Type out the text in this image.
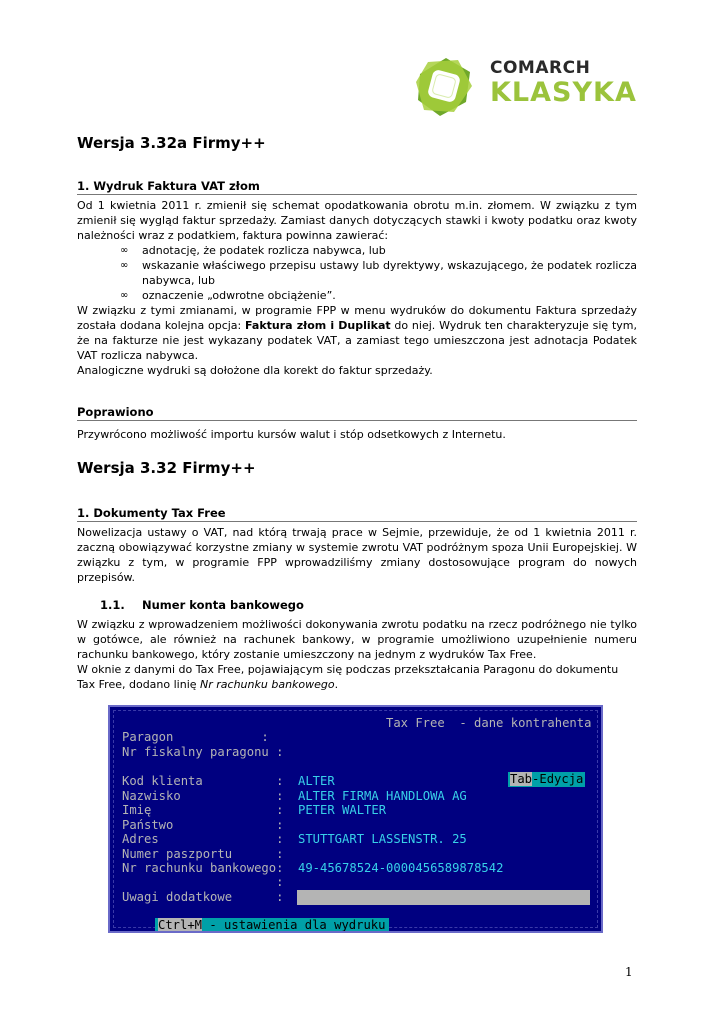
COMARCH
KLASYKA
Wersja 3.32a Firmy++
1. Wydruk Faktura VAT złom
Od 1 kwietnia 2011 r. zmienił się schemat opodatkowania obrotu m.in. złomem. W związku z tym zmienił się wygląd faktur sprzedaży. Zamiast danych dotyczących stawki i kwoty podatku oraz kwoty należności wraz z podatkiem, faktura powinna zawierać:
∞ adnotację, że podatek rozlicza nabywca, lub
∞ wskazanie właściwego przepisu ustawy lub dyrektywy, wskazującego, że podatek rozlicza nabywca, lub
∞ oznaczenie „odwrotne obciążenie”.
W związku z tymi zmianami, w programie FPP w menu wydruków do dokumentu Faktura sprzedaży została dodana kolejna opcja: Faktura złom i Duplikat do niej. Wydruk ten charakteryzuje się tym, że na fakturze nie jest wykazany podatek VAT, a zamiast tego umieszczona jest adnotacja Podatek VAT rozlicza nabywca.
Analogiczne wydruki są dołożone dla korekt do faktur sprzedaży.
Poprawiono
Przywrócono możliwość importu kursów walut i stóp odsetkowych z Internetu.
Wersja 3.32 Firmy++
1. Dokumenty Tax Free
Nowelizacja ustawy o VAT, nad którą trwają prace w Sejmie, przewiduje, że od 1 kwietnia 2011 r. zaczną obowiązywać korzystne zmiany w systemie zwrotu VAT podróżnym spoza Unii Europejskiej. W związku z tym, w programie FPP wprowadziliśmy zmiany dostosowujące program do nowych przepisów.
1.1. Numer konta bankowego
W związku z wprowadzeniem możliwości dokonywania zwrotu podatku na rzecz podróżnego nie tylko w gotówce, ale również na rachunek bankowy, w programie umożliwiono uzupełnienie numeru rachunku bankowego, który zostanie umieszczony na jednym z wydruków Tax Free.
W oknie z danymi do Tax Free, pojawiającym się podczas przekształcania Paragonu do dokumentu Tax Free, dodano linię Nr rachunku bankowego.
Tax Free  - dane kontrahenta
Paragon            :
Nr fiskalny paragonu :
Kod klienta          : ALTER	Tab-Edycja
Nazwisko             : ALTER FIRMA HANDLOWA AG
Imię                 : PETER WALTER
Państwo              :
Adres                : STUTTGART LASSENSTR. 25
Numer paszportu      :
Nr rachunku bankowego: 49-45678524-0000456589878542
:
Uwagi dodatkowe      :
Ctrl+M - ustawienia dla wydruku
1
